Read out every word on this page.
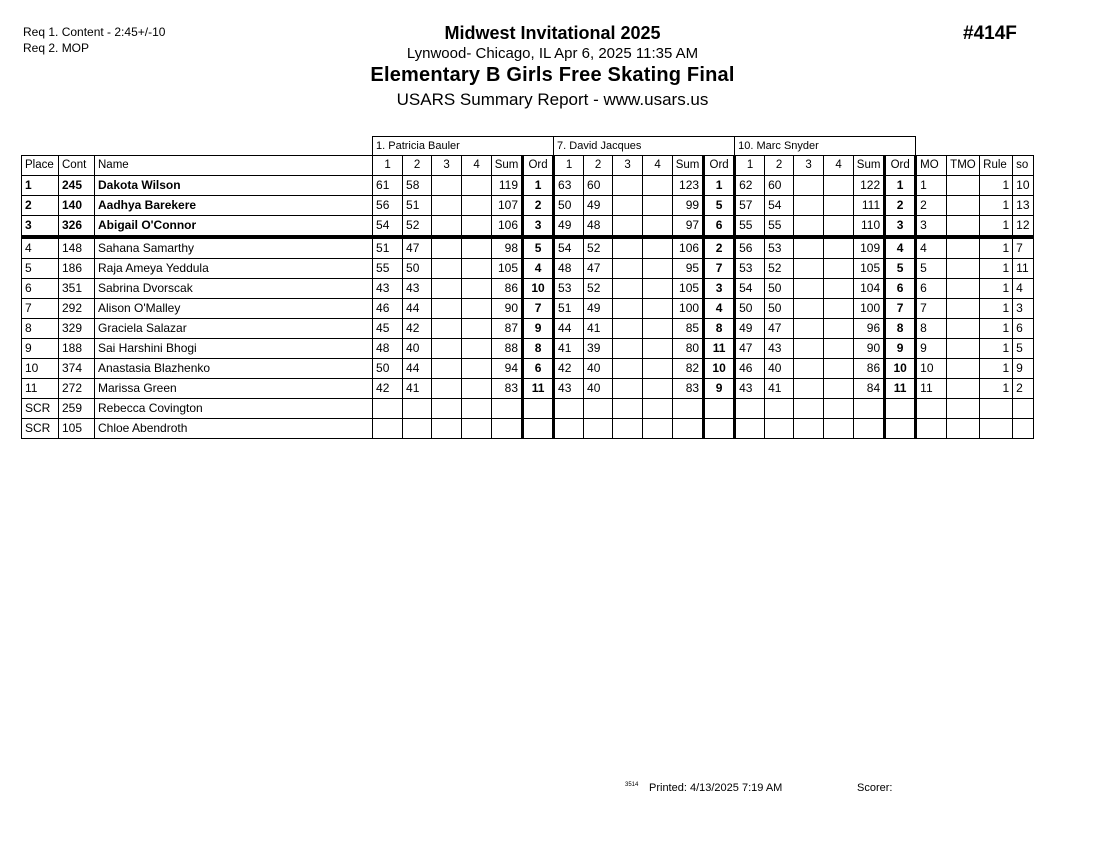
Req 1. Content - 2:45+/-10
Req 2. MOP
Midwest Invitational 2025
Lynwood- Chicago, IL Apr 6, 2025 11:35 AM
Elementary B Girls Free Skating Final
USARS Summary Report - www.usars.us
#414F
			1. Patricia Bauler						7. David Jacques						10. Marc Snyder									
Place	Cont	Name	1	2	3	4	Sum	Ord	1	2	3	4	Sum	Ord	1	2	3	4	Sum	Ord	MO	TMO	Rule	so
1	245	Dakota Wilson	61	58			119	1	63	60			123	1	62	60			122	1	1		1	10
2	140	Aadhya Barekere	56	51			107	2	50	49			99	5	57	54			111	2	2		1	13
3	326	Abigail O'Connor	54	52			106	3	49	48			97	6	55	55			110	3	3		1	12
4	148	Sahana Samarthy	51	47			98	5	54	52			106	2	56	53			109	4	4		1	7
5	186	Raja Ameya Yeddula	55	50			105	4	48	47			95	7	53	52			105	5	5		1	11
6	351	Sabrina Dvorscak	43	43			86	10	53	52			105	3	54	50			104	6	6		1	4
7	292	Alison O'Malley	46	44			90	7	51	49			100	4	50	50			100	7	7		1	3
8	329	Graciela Salazar	45	42			87	9	44	41			85	8	49	47			96	8	8		1	6
9	188	Sai Harshini Bhogi	48	40			88	8	41	39			80	11	47	43			90	9	9		1	5
10	374	Anastasia Blazhenko	50	44			94	6	42	40			82	10	46	40			86	10	10		1	9
11	272	Marissa Green	42	41			83	11	43	40			83	9	43	41			84	11	11		1	2
SCR	259	Rebecca Covington																						
SCR	105	Chloe Abendroth																						
3514 Printed: 4/13/2025 7:19 AM	Scorer:
